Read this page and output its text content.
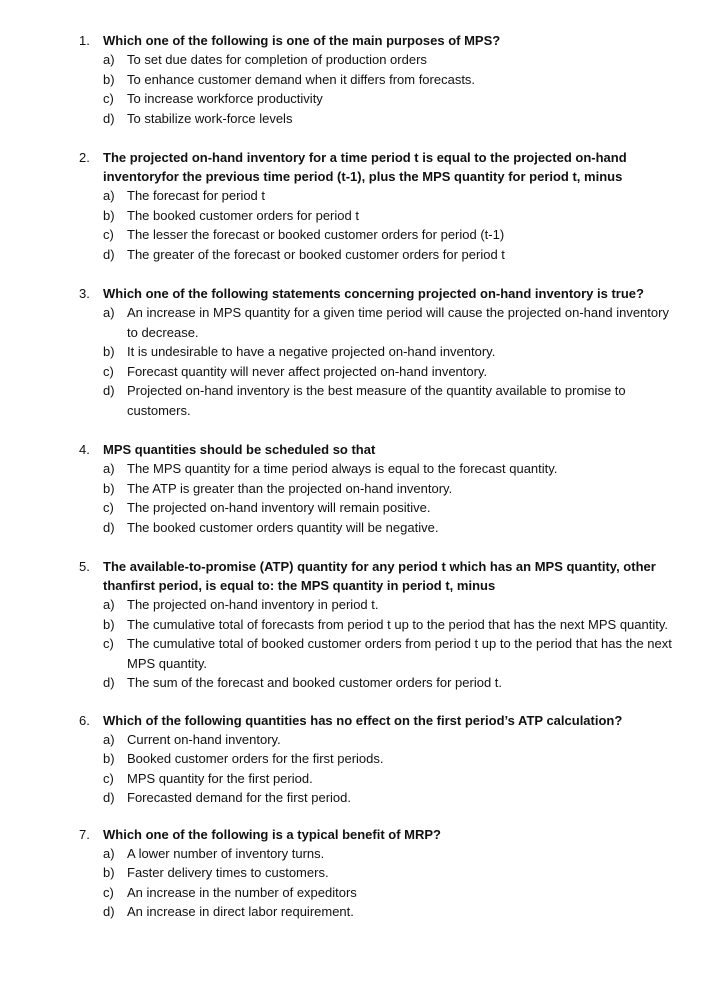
1. Which one of the following is one of the main purposes of MPS?
a) To set due dates for completion of production orders
b) To enhance customer demand when it differs from forecasts.
c) To increase workforce productivity
d) To stabilize work-force levels
2. The projected on-hand inventory for a time period t is equal to the projected on-hand inventoryfor the previous time period (t-1), plus the MPS quantity for period t, minus
a) The forecast for period t
b) The booked customer orders for period t
c) The lesser the forecast or booked customer orders for period (t-1)
d) The greater of the forecast or booked customer orders for period t
3. Which one of the following statements concerning projected on-hand inventory is true?
a) An increase in MPS quantity for a given time period will cause the projected on-hand inventory to decrease.
b) It is undesirable to have a negative projected on-hand inventory.
c) Forecast quantity will never affect projected on-hand inventory.
d) Projected on-hand inventory is the best measure of the quantity available to promise to customers.
4. MPS quantities should be scheduled so that
a) The MPS quantity for a time period always is equal to the forecast quantity.
b) The ATP is greater than the projected on-hand inventory.
c) The projected on-hand inventory will remain positive.
d) The booked customer orders quantity will be negative.
5. The available-to-promise (ATP) quantity for any period t which has an MPS quantity, other thanfirst period, is equal to: the MPS quantity in period t, minus
a) The projected on-hand inventory in period t.
b) The cumulative total of forecasts from period t up to the period that has the next MPS quantity.
c) The cumulative total of booked customer orders from period t up to the period that has the next MPS quantity.
d) The sum of the forecast and booked customer orders for period t.
6. Which of the following quantities has no effect on the first period’s ATP calculation?
a) Current on-hand inventory.
b) Booked customer orders for the first periods.
c) MPS quantity for the first period.
d) Forecasted demand for the first period.
7. Which one of the following is a typical benefit of MRP?
a) A lower number of inventory turns.
b) Faster delivery times to customers.
c) An increase in the number of expeditors
d) An increase in direct labor requirement.
